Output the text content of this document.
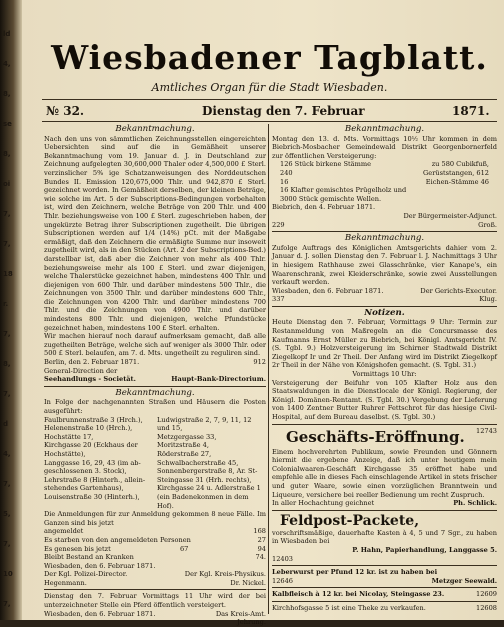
ld
4,
8,
se
8,
oi
7,
7,
18
r.
7,
8,
7,
d
4,
7,
5,
7,
10
7,
Wiesbadener Tagblatt.
Amtliches Organ für die Stadt Wiesbaden.
№ 32.	Dienstag den 7. Februar	1871.
Bekanntmachung.

Nach den uns von sämmtlichen Zeichnungsstellen eingereichten Uebersichten sind auf die in Gemäßheit unserer Bekanntmachung vom 19. Januar d. J. in Deutschland zur Zeichnung aufgelegten 30,600,000 Thaler oder 4,500,000 £ Sterl. verzinslicher 5% ige Schatzanweisungen des Norddeutschen Bundes II. Emission 120,675,000 Thlr. und 942,870 £ Sterl. gezeichnet worden. In Gemäßheit derselben, der kleinen Beträge, wie solche im Art. 5 der Subscriptions-Bedingungen vorbehalten ist, wird den Zeichnern, welche Beträge von 200 Thlr. und 400 Thlr. beziehungsweise von 100 £ Sterl. zugeschrieben haben, der ungekürzte Betrag ihrer Subscriptionen zugetheilt. Die übrigen Subscriptionen werden auf 1/4 (14%) pCt. mit der Maßgabe ermäßigt, daß den Zeichnern die ermäßigte Summe nur insoweit zugetheilt wird, als in den Stücken (Art. 2 der Subscriptions-Bed.) darstellbar ist, daß aber die Zeichner von mehr als 400 Thlr. beziehungsweise mehr als 100 £ Sterl. und zwar diejenigen, welche Thalerstücke gezeichnet haben, mindestens 400 Thlr. und diejenigen von 600 Thlr. und darüber mindestens 500 Thlr., die Zeichnungen von 3500 Thlr. und darüber mindestens 600 Thlr., die Zeichnungen von 4200 Thlr. und darüber mindestens 700 Thlr. und die Zeichnungen von 4900 Thlr. und darüber mindestens 800 Thlr. und diejenigen, welche Pfundstücke gezeichnet haben, mindestens 100 £ Sterl. erhalten.

Wir machen hierauf noch darauf aufmerksam gemacht, daß alle zugetheilten Beträge, welche sich auf weniger als 3000 Thlr. oder 500 £ Sterl. belaufen, am 7. d. Mts. ungetheilt zu reguliren sind.

Berlin, den 2. Februar 1871.	912
General-Direction der
Seehandlungs - Societät.	Haupt-Bank-Directorium.
Bekanntmachung.

In Folge der nachgenannten Straßen und Häusern die Posten ausgeführt:

Faulbrunnenstraße 3 (Hrch.),	Ludwigstraße 2, 7, 9, 11, 12
Helenenstraße 10 (Hrch.),	und 15,
Hochstätte 17,	Metzgergasse 33,
Kirchgasse 20 (Eckhaus der	Moritzstraße 4,
Hochstätte),	Röderstraße 27,
Langgasse 16, 29, 43 (im ab-	Schwalbacherstraße 45,
geschlossenen 3. Stock),	Sonnenbergerstraße 8, Ar. St-
Lehrstraße 8 (Hinterh., allein-	Steingasse 31 (Hrh. rechts),
stehendes Gartenhaus),	Kirchgasse 24 u. Adlerstraße 1
Louisenstraße 30 (Hinterh.),	(ein Badenekonmen in dem Hof).

Die Anmeldungen für zur Anmeldung gekommen 8 neue Fälle. Im Ganzen sind bis jetzt

angemeldet	168
Es starben von den angemeldeten Personen	27
Es genesen bis jetzt	67	94
Bleibt Bestand an Kranken	74.
Wiesbaden, den 6. Februar 1871.
Der Kgl. Polizei-Director.	Der Kgl. Kreis-Physikus.
Hegenmann.	Dr. Nickel.

Dienstag den 7. Februar Vormittags 11 Uhr wird der bei unterzeichneter Stelle ein Pferd öffentlich versteigert.

Wiesbaden, den 6. Februar 1871.	Das Kreis-Amt.
Jehrung.
Bekanntmachung.

Montag den 13. d. Mts. Vormittags 10½ Uhr kommen in dem Biebrich-Mosbacher Gemeindewald Distrikt Georgenbornerfeld zur öffentlichen Versteigerung:

126 Stück birkene Stämme	zu 580 Cubikfuß,
240	Gerüststangen, 612
16	Eichen-Stämme 46
16 Klafter gemischtes Prügelholz und
3000 Stück gemischte Wellen.
Biebrich, den 4. Februar 1871.
Der Bürgermeister-Adjunct.
229	Groß.
Bekanntmachung.

Zufolge Auftrags des Königlichen Amtsgerichts dahier vom 2. Januar d. J. sollen Dienstag den 7. Februar l. J. Nachmittags 3 Uhr in hiesigem Rathhause zwei Glasschränke, vier Kanape's, ein Waarenschrank, zwei Kleiderschränke, sowie zwei Ausstellungen verkauft werden.

Wiesbaden, den 6. Februar 1871.	Der Gerichts-Executor.
337	Klug.
Notizen.

Heute Dienstag den 7. Februar, Vormittags 9 Uhr: Termin zur Restanmeldung von Maßregeln an die Concursmasse des Kaufmanns Ernst Müller zu Biebrich, bei Königl. Amtsgericht IV. (S. Tgbl. 9.) Holzversteigerung im Schirner Stadtwald Distrikt Ziegelkopf Ir und 2r Theil. Der Anfang wird im Distrikt Ziegelkopf 2r Theil in der Nähe von Königshofen gemacht. (S. Tgbl. 31.)

Vormittags 10 Uhr:

Versteigerung der Beifuhr von 105 Klafter Holz aus den Staatswaldungen in die Dienstlocale der Königl. Regierung, der Königl. Domänen-Rentamt. (S. Tgbl. 30.) Vergebung der Lieferung von 1400 Zentner Butter Ruhrer Fettschrot für das hiesige Civil-Hospital, auf dem Bureau daselbst. (S. Tgbl. 30.)

Geschäfts-Eröffnung. 12743

Einem hochverehrten Publikum, sowie Freunden und Gönnern hiermit die ergebene Anzeige, daß ich unter heutigem mein Colonialwaaren-Geschäft Kirchgasse 35 eröffnet habe und empfehle alle in dieses Fach einschlagende Artikel in stets frischer und guter Waare, sowie einen vorzüglichen Branntwein und Liqueure, versichere bei reeller Bedienung um recht Zuspruch.

In aller Hochachtung geichnet	Ph. Schlick.
Feldpost-Packete,

vorschriftsmäßige, dauerhafte Kasten à 4, 5 und 7 Sgr., zu haben in Wiesbaden bei

P. Hahn, Papierhandlung, Langgasse 5.
12403

Leberwurst per Pfund 12 kr. ist zu haben bei

12646	Metzger Seewald.
Kalbfleisch à 12 kr. bei Nicolay, Steingasse 23.	12609
Kirchhofsgasse 5 ist eine Theke zu verkaufen.	12608
